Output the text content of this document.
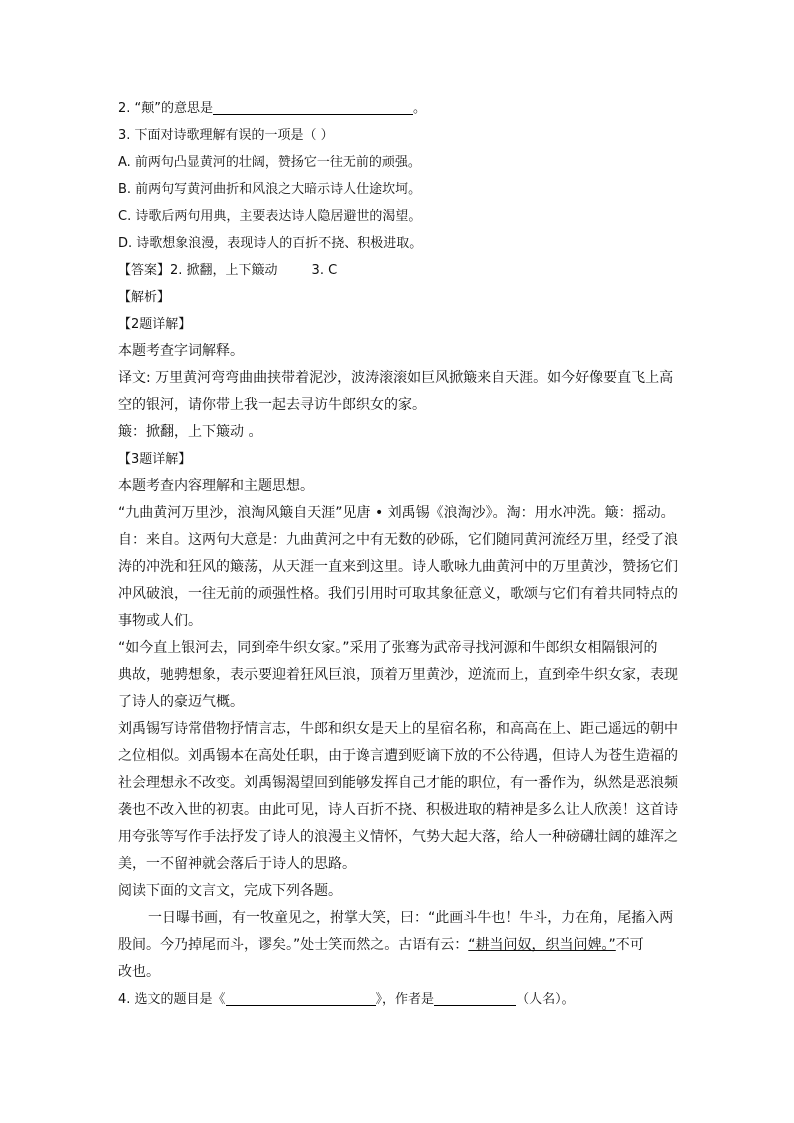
2. “颠”的意思是	。
3. 下面对诗歌理解有误的一项是（ ）
A. 前两句凸显黄河的壮阔，赞扬它一往无前的顽强。
B. 前两句写黄河曲折和风浪之大暗示诗人仕途坎坷。
C. 诗歌后两句用典，主要表达诗人隐居避世的渴望。
D. 诗歌想象浪漫，表现诗人的百折不挠、积极进取。
【答案】2. 掀翻，上下簸动	3. C
【解析】
【2题详解】
本题考查字词解释。
译文: 万里黄河弯弯曲曲挟带着泥沙，波涛滚滚如巨风掀簸来自天涯。如今好像要直飞上高
空的银河，请你带上我一起去寻访牛郎织女的家。
簸：掀翻，上下簸动 。
【3题详解】
本题考查内容理解和主题思想。
“九曲黄河万里沙，浪淘风簸自天涯”见唐 • 刘禹锡《浪淘沙》。淘：用水冲洗。簸：摇动。
自：来自。这两句大意是：九曲黄河之中有无数的砂砾，它们随同黄河流经万里，经受了浪
涛的冲洗和狂风的簸荡，从天涯一直来到这里。诗人歌咏九曲黄河中的万里黄沙，赞扬它们
冲风破浪，一往无前的顽强性格。我们引用时可取其象征意义，歌颂与它们有着共同特点的
事物或人们。
“如今直上银河去，同到牵牛织女家。”采用了张骞为武帝寻找河源和牛郎织女相隔银河的
典故，驰骋想象，表示要迎着狂风巨浪，顶着万里黄沙，逆流而上，直到牵牛织女家，表现
了诗人的豪迈气概。
刘禹锡写诗常借物抒情言志，牛郎和织女是天上的星宿名称，和高高在上、距己遥远的朝中
之位相似。刘禹锡本在高处任职，由于谗言遭到贬谪下放的不公待遇，但诗人为苍生造福的
社会理想永不改变。刘禹锡渴望回到能够发挥自己才能的职位，有一番作为，纵然是恶浪频
袭也不改入世的初衷。由此可见，诗人百折不挠、积极进取的精神是多么让人欣羡！这首诗
用夸张等写作手法抒发了诗人的浪漫主义情怀，气势大起大落，给人一种磅礴壮阔的雄浑之
美，一不留神就会落后于诗人的思路。
阅读下面的文言文，完成下列各题。
一日曝书画，有一牧童见之，拊掌大笑，曰：“此画斗牛也！牛斗，力在角，尾搐入两
股间。今乃掉尾而斗，谬矣。”处士笑而然之。古语有云：“耕当问奴，织当问婢。”不可
改也。
4. 选文的题目是《	》，作者是	（人名）。
